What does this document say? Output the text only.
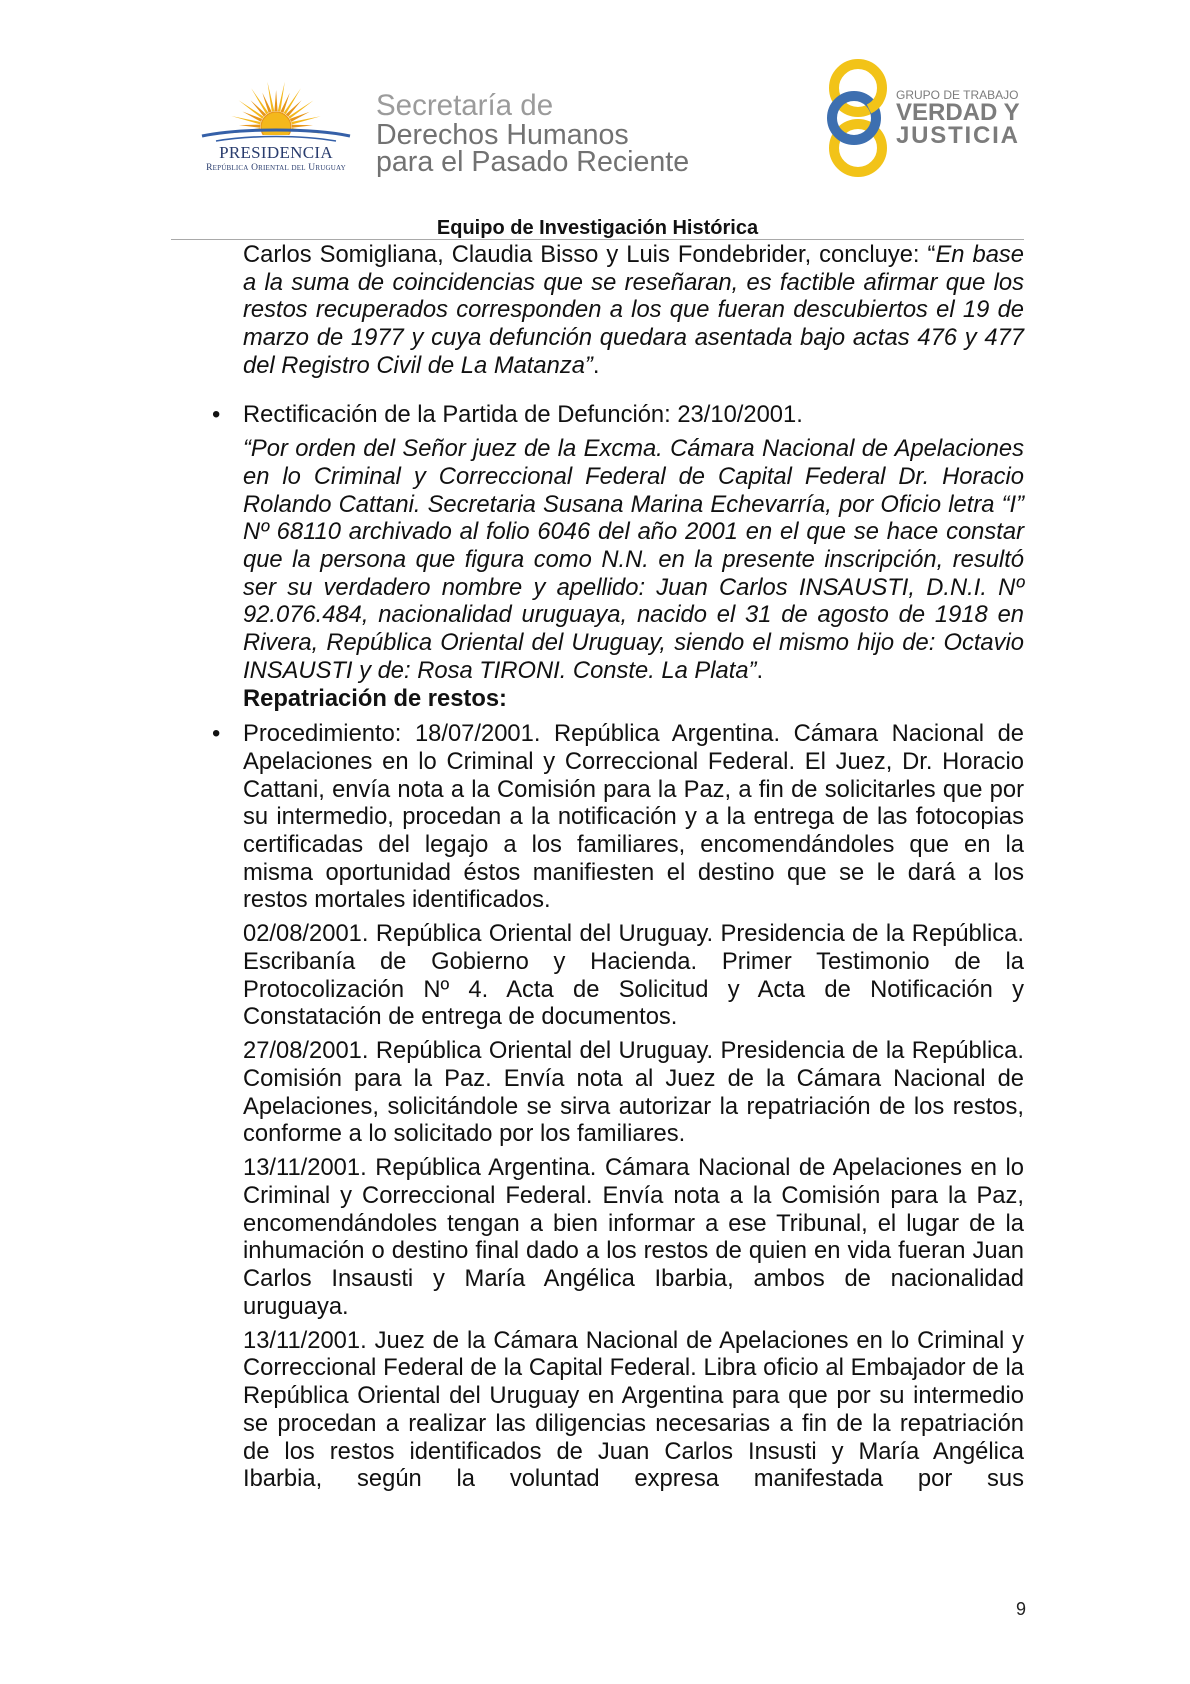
PRESIDENCIA
República Oriental del Uruguay
Secretaría de
Derechos Humanos
para el Pasado Reciente
GRUPO DE TRABAJO
VERDAD Y
JUSTICIA
Equipo de Investigación Histórica

Carlos Somigliana, Claudia Bisso y Luis Fondebrider, concluye: “En base a la suma de coincidencias que se reseñaran, es factible afirmar que los restos recuperados corresponden a los que fueran descubiertos el 19 de marzo de 1977 y cuya defunción quedara asentada bajo actas 476 y 477 del Registro Civil de La Matanza”.

• Rectificación de la Partida de Defunción: 23/10/2001.

“Por orden del Señor juez de la Excma. Cámara Nacional de Apelaciones en lo Criminal y Correccional Federal de Capital Federal Dr. Horacio Rolando Cattani. Secretaria Susana Marina Echevarría, por Oficio letra “I” Nº 68110 archivado al folio 6046 del año 2001 en el que se hace constar que la persona que figura como N.N. en la presente inscripción, resultó ser su verdadero nombre y apellido: Juan Carlos INSAUSTI, D.N.I. Nº 92.076.484, nacionalidad uruguaya, nacido el 31 de agosto de 1918 en Rivera, República Oriental del Uruguay, siendo el mismo hijo de: Octavio INSAUSTI y de: Rosa TIRONI. Conste. La Plata”.

Repatriación de restos:

• Procedimiento: 18/07/2001. República Argentina. Cámara Nacional de Apelaciones en lo Criminal y Correccional Federal. El Juez, Dr. Horacio Cattani, envía nota a la Comisión para la Paz, a fin de solicitarles que por su intermedio, procedan a la notificación y a la entrega de las fotocopias certificadas del legajo a los familiares, encomendándoles que en la misma oportunidad éstos manifiesten el destino que se le dará a los restos mortales identificados.

02/08/2001. República Oriental del Uruguay. Presidencia de la República. Escribanía de Gobierno y Hacienda. Primer Testimonio de la Protocolización Nº 4. Acta de Solicitud y Acta de Notificación y Constatación de entrega de documentos.

27/08/2001. República Oriental del Uruguay. Presidencia de la República. Comisión para la Paz. Envía nota al Juez de la Cámara Nacional de Apelaciones, solicitándole se sirva autorizar la repatriación de los restos, conforme a lo solicitado por los familiares.

13/11/2001. República Argentina. Cámara Nacional de Apelaciones en lo Criminal y Correccional Federal. Envía nota a la Comisión para la Paz, encomendándoles tengan a bien informar a ese Tribunal, el lugar de la inhumación o destino final dado a los restos de quien en vida fueran Juan Carlos Insausti y María Angélica Ibarbia, ambos de nacionalidad uruguaya.

13/11/2001. Juez de la Cámara Nacional de Apelaciones en lo Criminal y Correccional Federal de la Capital Federal. Libra oficio al Embajador de la República Oriental del Uruguay en Argentina para que por su intermedio se procedan a realizar las diligencias necesarias a fin de la repatriación de los restos identificados de Juan Carlos Insusti y María Angélica Ibarbia, según la voluntad expresa manifestada por sus

9
